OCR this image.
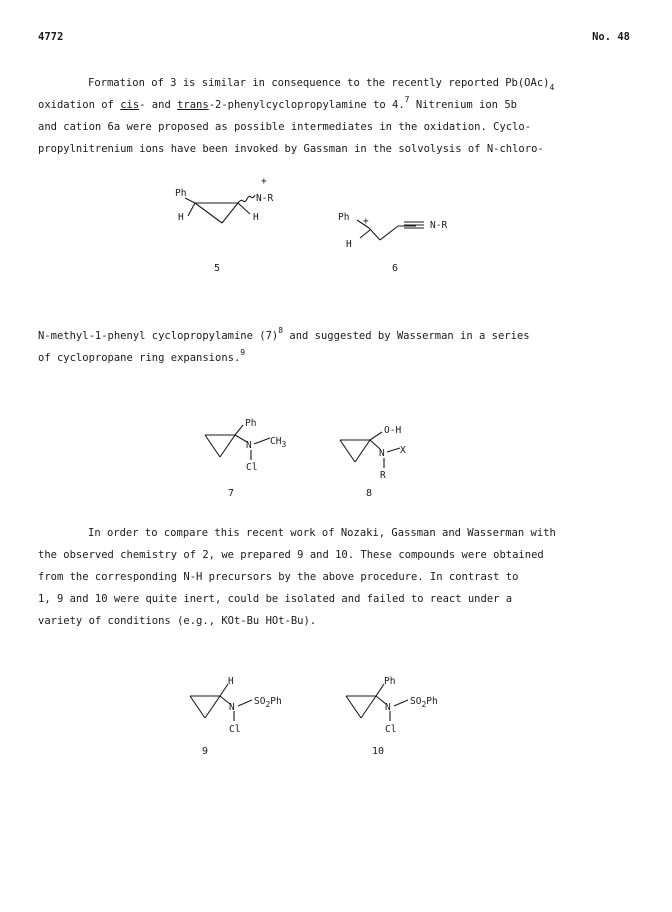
4772	No. 48
Formation of 3 is similar in consequence to the recently reported $Pb(OAc)_4$
oxidation of cis- and trans-2-phenylcyclopropylamine to 4.$^7$ Nitrenium ion 5b
and cation 6a were proposed as possible intermediates in the oxidation. Cyclo-
propylnitrenium ions have been invoked by Gassman in the solvolysis of N-chloro-
Ph
H	H
+
N-R
5
Ph +
H
N-R
6
N-methyl-1-phenyl cyclopropylamine $(7)^8$ and suggested by Wasserman in a series
of cyclopropane ring expansions.$^9$
Ph
N $CH_3$
Cl
7
O-H
N X
R
8
In order to compare this recent work of Nozaki, Gassman and Wasserman with
the observed chemistry of 2, we prepared 9 and 10. These compounds were obtained
from the corresponding N-H precursors by the above procedure. In contrast to
1, 9 and 10 were quite inert, could be isolated and failed to react under a
variety of conditions (e.g., KOt-Bu HOt-Bu).
H
N
$SO_2Ph$
Cl
9
Ph
N
$SO_2Ph$
Cl
10
